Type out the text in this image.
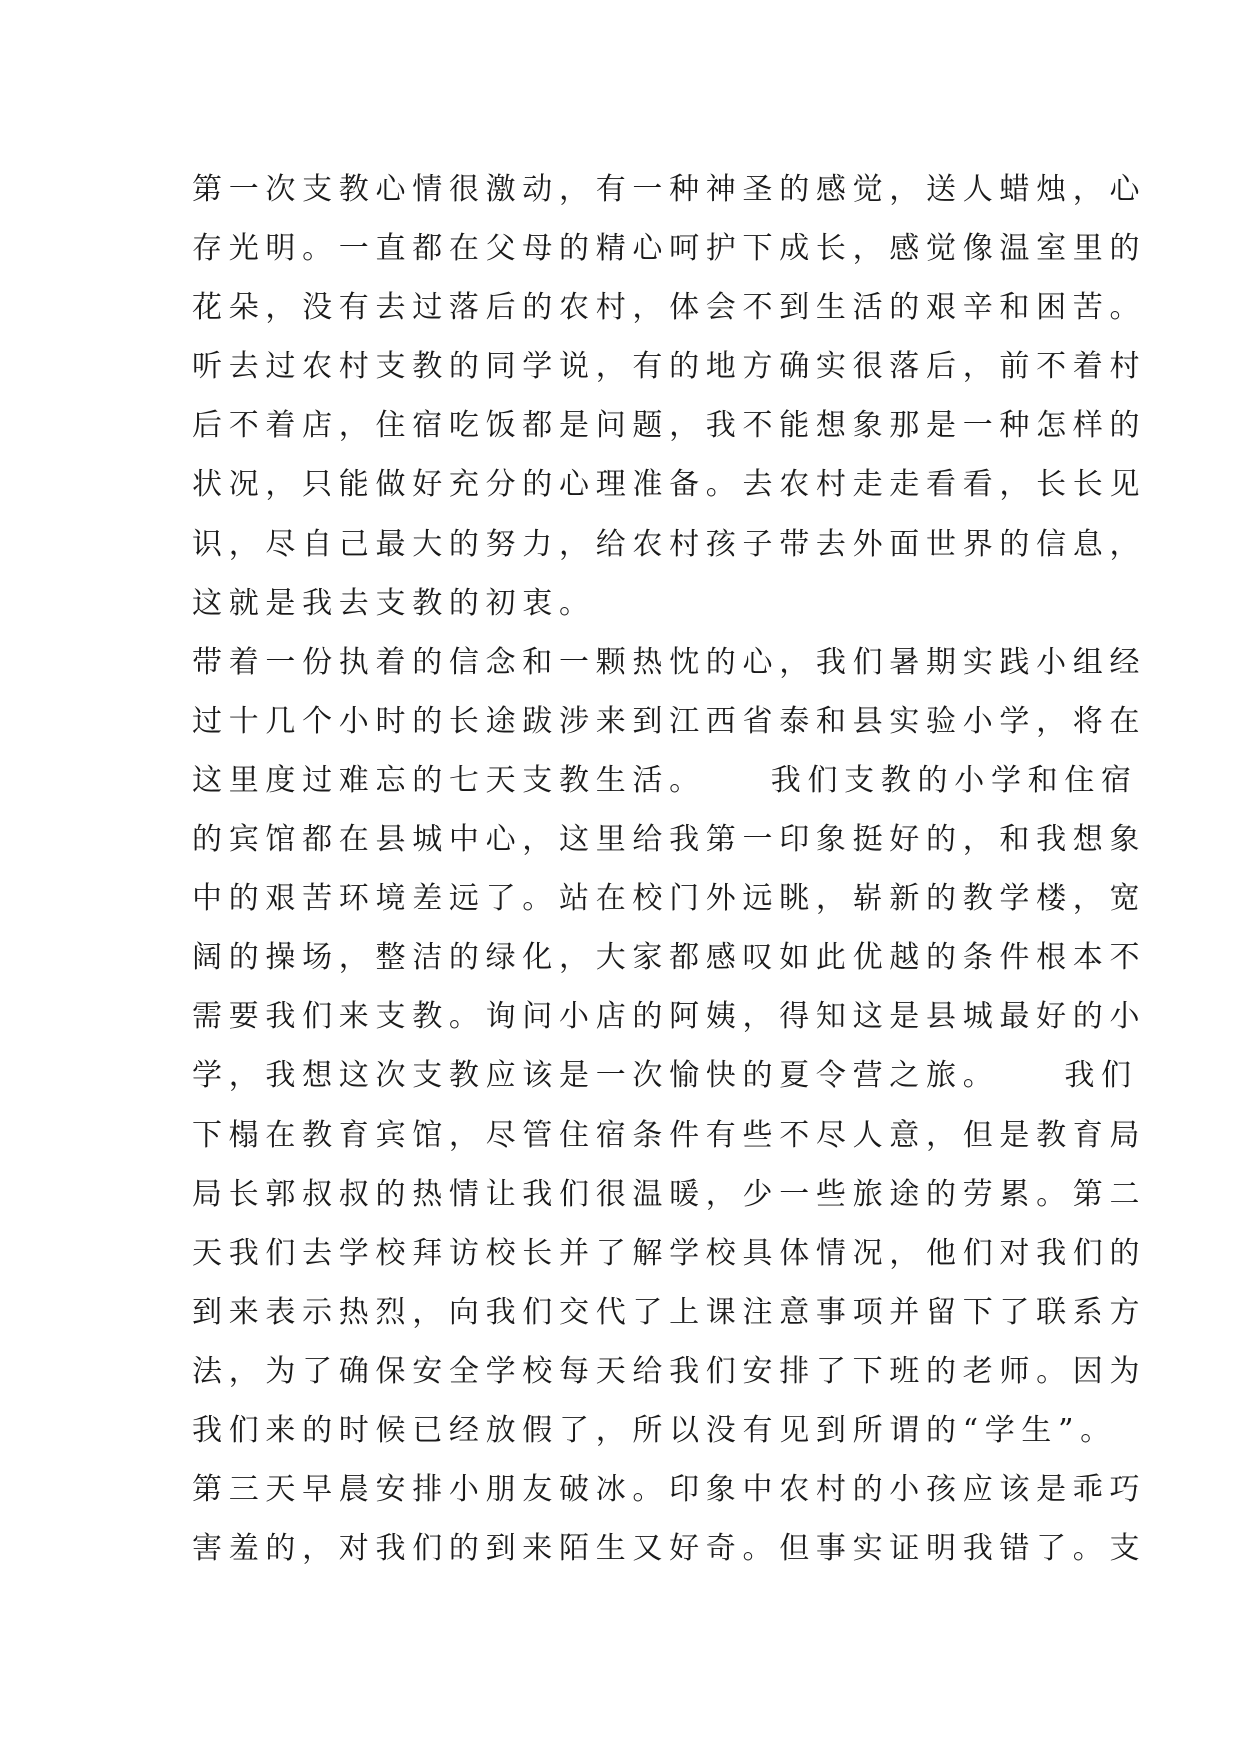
第一次支教心情很激动，有一种神圣的感觉，送人蜡烛，心
存光明。一直都在父母的精心呵护下成长，感觉像温室里的
花朵，没有去过落后的农村，体会不到生活的艰辛和困苦。
听去过农村支教的同学说，有的地方确实很落后，前不着村
后不着店，住宿吃饭都是问题，我不能想象那是一种怎样的
状况，只能做好充分的心理准备。去农村走走看看，长长见
识，尽自己最大的努力，给农村孩子带去外面世界的信息，
这就是我去支教的初衷。
带着一份执着的信念和一颗热忱的心，我们暑期实践小组经
过十几个小时的长途跋涉来到江西省泰和县实验小学，将在
这里度过难忘的七天支教生活。    我们支教的小学和住宿
的宾馆都在县城中心，这里给我第一印象挺好的，和我想象
中的艰苦环境差远了。站在校门外远眺，崭新的教学楼，宽
阔的操场，整洁的绿化，大家都感叹如此优越的条件根本不
需要我们来支教。询问小店的阿姨，得知这是县城最好的小
学，我想这次支教应该是一次愉快的夏令营之旅。    我们
下榻在教育宾馆，尽管住宿条件有些不尽人意，但是教育局
局长郭叔叔的热情让我们很温暖，少一些旅途的劳累。第二
天我们去学校拜访校长并了解学校具体情况，他们对我们的
到来表示热烈，向我们交代了上课注意事项并留下了联系方
法，为了确保安全学校每天给我们安排了下班的老师。因为
我们来的时候已经放假了，所以没有见到所谓的“学生”。
第三天早晨安排小朋友破冰。印象中农村的小孩应该是乖巧
害羞的，对我们的到来陌生又好奇。但事实证明我错了。支
